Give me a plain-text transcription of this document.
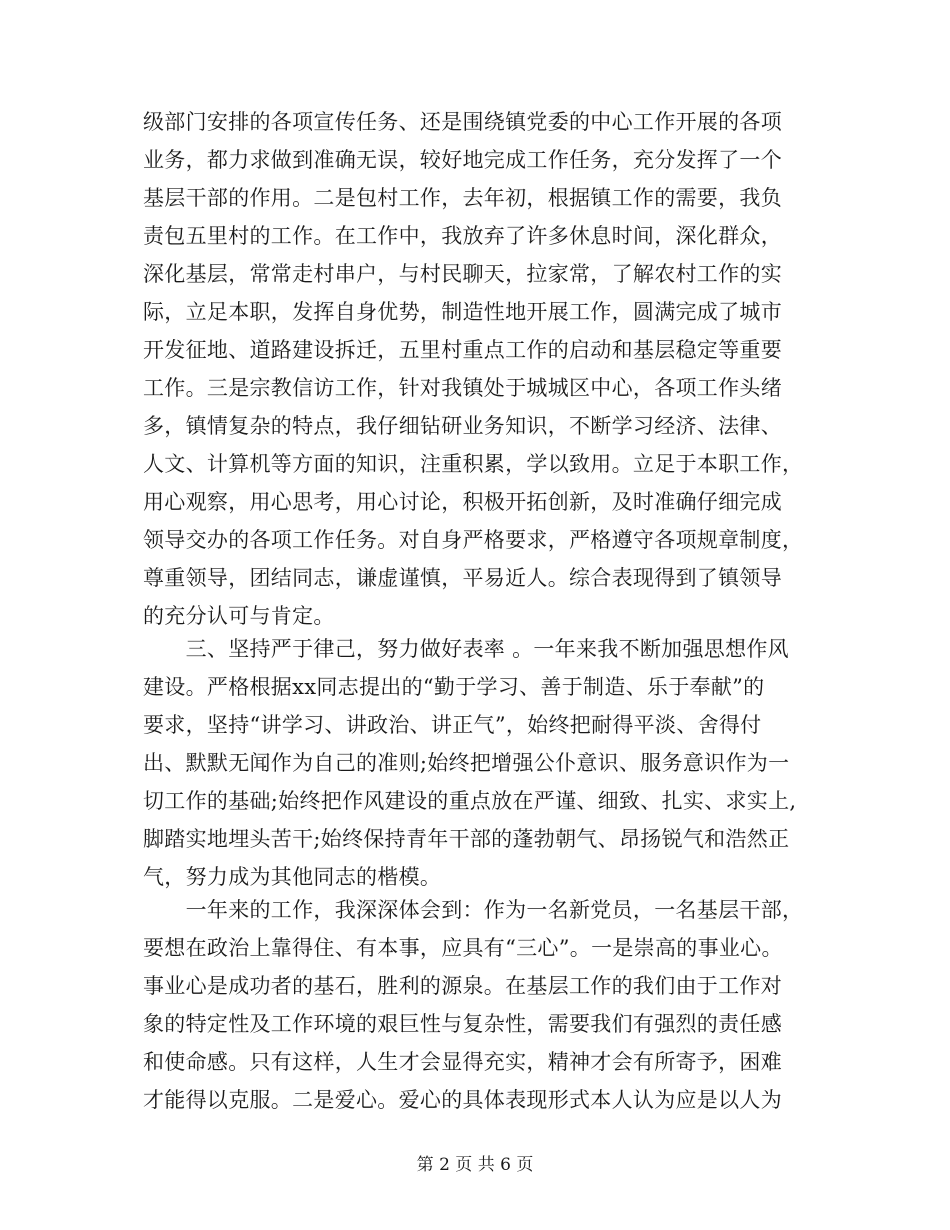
级部门安排的各项宣传任务、还是围绕镇党委的中心工作开展的各项
业务，都力求做到准确无误，较好地完成工作任务，充分发挥了一个
基层干部的作用。二是包村工作，去年初，根据镇工作的需要，我负
责包五里村的工作。在工作中，我放弃了许多休息时间，深化群众，
深化基层，常常走村串户，与村民聊天，拉家常，了解农村工作的实
际，立足本职，发挥自身优势，制造性地开展工作，圆满完成了城市
开发征地、道路建设拆迁，五里村重点工作的启动和基层稳定等重要
工作。三是宗教信访工作，针对我镇处于城城区中心，各项工作头绪
多，镇情复杂的特点，我仔细钻研业务知识，不断学习经济、法律、
人文、计算机等方面的知识，注重积累，学以致用。立足于本职工作，
用心观察，用心思考，用心讨论，积极开拓创新，及时准确仔细完成
领导交办的各项工作任务。对自身严格要求，严格遵守各项规章制度，
尊重领导，团结同志，谦虚谨慎，平易近人。综合表现得到了镇领导
的充分认可与肯定。
　　三、坚持严于律己，努力做好表率 。一年来我不断加强思想作风
建设。严格根据xx同志提出的“勤于学习、善于制造、乐于奉献”的
要求，坚持“讲学习、讲政治、讲正气”，始终把耐得平淡、舍得付
出、默默无闻作为自己的准则;始终把增强公仆意识、服务意识作为一
切工作的基础;始终把作风建设的重点放在严谨、细致、扎实、求实上,
脚踏实地埋头苦干;始终保持青年干部的蓬勃朝气、昂扬锐气和浩然正
气，努力成为其他同志的楷模。
　　一年来的工作，我深深体会到：作为一名新党员，一名基层干部，
要想在政治上靠得住、有本事，应具有“三心”。一是崇高的事业心。
事业心是成功者的基石，胜利的源泉。在基层工作的我们由于工作对
象的特定性及工作环境的艰巨性与复杂性，需要我们有强烈的责任感
和使命感。只有这样，人生才会显得充实，精神才会有所寄予，困难
才能得以克服。二是爱心。爱心的具体表现形式本人认为应是以人为
第 2 页 共 6 页
